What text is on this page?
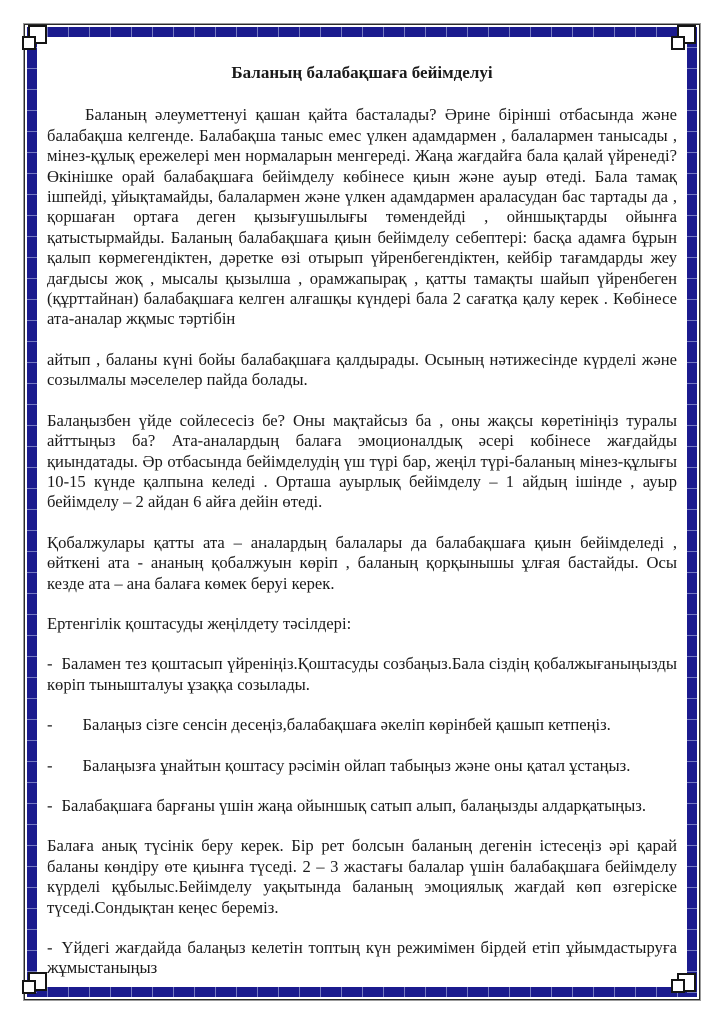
Баланың балабақшаға бейімделуі

Баланың әлеуметтенуі қашан қайта басталады? Әрине бірінші отбасында және балабақша келгенде. Балабақша таныс емес үлкен адамдармен , балалармен танысады , мінез-құлық ережелері мен нормаларын менгереді. Жаңа жағдайға бала қалай үйренеді? Өкінішке орай балабақшаға бейімделу көбінесе қиын және ауыр өтеді. Бала тамақ ішпейді, ұйықтамайды, балалармен және үлкен адамдармен араласудан бас тартады да , қоршаған ортаға деген қызығушылығы төмендейді , ойншықтарды ойынға қатыстырмайды. Баланың балабақшаға қиын бейімделу себептері: басқа адамға бұрын қалып көрмегендіктен, дәретке өзі отырып үйренбегендіктен, кейбір тағамдарды жеу дағдысы жоқ , мысалы қызылша , орамжапырақ , қатты тамақты шайып үйренбеген (құрттайнан) балабақшаға келген алғашқы күндері бала 2 сағатқа қалу керек . Көбінесе ата-аналар жқмыс тәртібін

айтып , баланы күні бойы балабақшаға қалдырады. Осының нәтижесінде күрделі және созылмалы мәселелер пайда болады.

Балаңызбен үйде сойлесесіз бе? Оны мақтайсыз ба , оны жақсы көретініңіз туралы айттыңыз ба? Ата-аналардың балаға эмоционалдық әсері кобінесе жағдайды қиындатады. Әр отбасында бейімделудің үш түрі бар, жеңіл түрі-баланың мінез-құлығы 10-15 күнде қалпына келеді . Орташа ауырлық бейімделу – 1 айдың ішінде , ауыр бейімделу – 2 айдан 6 айға дейін өтеді.

Қобалжулары қатты ата – аналардың балалары да балабақшаға қиын бейімделеді , өйткені ата - ананың қобалжуын көріп , баланың қорқынышы ұлғая бастайды. Осы кезде ата – ана балаға көмек беруі керек.

Ертенгілік қоштасуды жеңілдету тәсілдері:

- Баламен тез қоштасып үйреніңіз.Қоштасуды созбаңыз.Бала сіздің қобалжығаныңызды көріп тынышталуы ұзаққа созылады.

- Балаңыз сізге сенсін десеңіз,балабақшаға әкеліп көрінбей қашып кетпеңіз.

- Балаңызға ұнайтын қоштасу рәсімін ойлап табыңыз және оны қатал ұстаңыз.

- Балабақшаға барғаны үшін жаңа ойыншық сатып алып, балаңызды алдарқатыңыз.

Балаға анық түсінік беру керек. Бір рет болсын баланың дегенін істесеңіз әрі қарай баланы көндіру өте қиынға түседі. 2 – 3 жастағы балалар үшін балабақшаға бейімделу күрделі құбылыс.Бейімделу уақытында баланың эмоциялық жағдай көп өзгеріске түседі.Сондықтан кеңес береміз.

- Үйдегі жағдайда балаңыз келетін топтың күн режимімен бірдей етіп ұйымдастыруға жұмыстаныңыз
